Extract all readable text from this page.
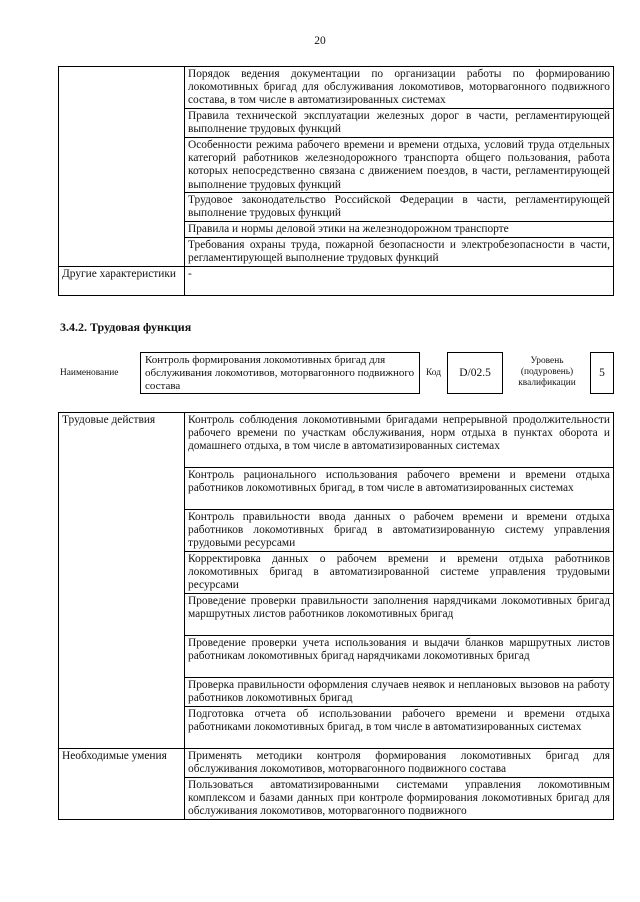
20
	Порядок ведения документации по организации работы по формированию локомотивных бригад для обслуживания локомотивов, моторвагонного подвижного состава, в том числе в автоматизированных системах
	Правила технической эксплуатации железных дорог в части, регламентирующей выполнение трудовых функций
	Особенности режима рабочего времени и времени отдыха, условий труда отдельных категорий работников железнодорожного транспорта общего пользования, работа которых непосредственно связана с движением поездов, в части, регламентирующей выполнение трудовых функций
	Трудовое законодательство Российской Федерации в части, регламентирующей выполнение трудовых функций
	Правила и нормы деловой этики на железнодорожном транспорте
	Требования охраны труда, пожарной безопасности и электробезопасности в части, регламентирующей выполнение трудовых функций
Другие характеристики	-
3.4.2. Трудовая функция
Наименование
Контроль формирования локомотивных бригад для обслуживания локомотивов, моторвагонного подвижного состава
Код	D/02.5
Уровень (подуровень) квалификации
5
Трудовые действия	Контроль соблюдения локомотивными бригадами непрерывной продолжительности рабочего времени по участкам обслуживания, норм отдыха в пунктах оборота и домашнего отдыха, в том числе в автоматизированных системах
	Контроль рационального использования рабочего времени и времени отдыха работников локомотивных бригад, в том числе в автоматизированных системах
	Контроль правильности ввода данных о рабочем времени и времени отдыха работников локомотивных бригад в автоматизированную систему управления трудовыми ресурсами
	Корректировка данных о рабочем времени и времени отдыха работников локомотивных бригад в автоматизированной системе управления трудовыми ресурсами
	Проведение проверки правильности заполнения нарядчиками локомотивных бригад маршрутных листов работников локомотивных бригад
	Проведение проверки учета использования и выдачи бланков маршрутных листов работникам локомотивных бригад нарядчиками локомотивных бригад
	Проверка правильности оформления случаев неявок и неплановых вызовов на работу работников локомотивных бригад
	Подготовка отчета об использовании рабочего времени и времени отдыха работниками локомотивных бригад, в том числе в автоматизированных системах
Необходимые умения	Применять методики контроля формирования локомотивных бригад для обслуживания локомотивов, моторвагонного подвижного состава
	Пользоваться автоматизированными системами управления локомотивным комплексом и базами данных при контроле формирования локомотивных бригад для обслуживания локомотивов, моторвагонного подвижного
